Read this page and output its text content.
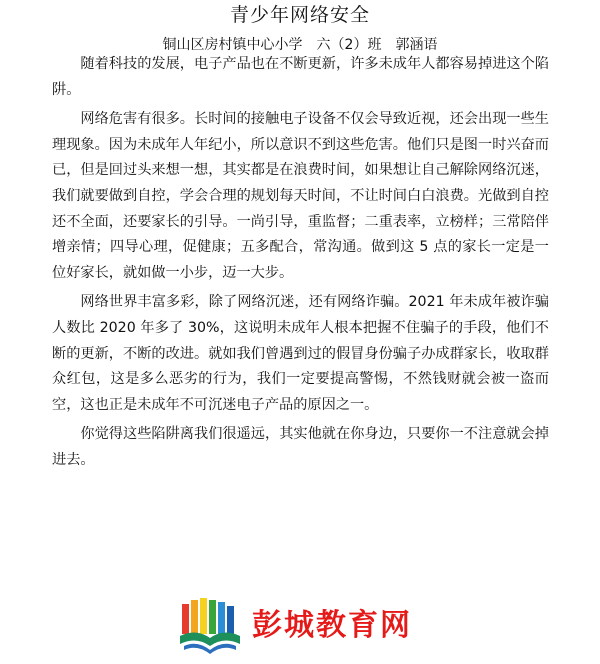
青少年网络安全
铜山区房村镇中心小学　六（2）班　郭涵语

随着科技的发展，电子产品也在不断更新，许多未成年人都容易掉进这个陷阱。

网络危害有很多。长时间的接触电子设备不仅会导致近视，还会出现一些生理现象。因为未成年人年纪小，所以意识不到这些危害。他们只是图一时兴奋而已，但是回过头来想一想，其实都是在浪费时间，如果想让自己解除网络沉迷，我们就要做到自控，学会合理的规划每天时间，不让时间白白浪费。光做到自控还不全面，还要家长的引导。一尚引导，重监督；二重表率，立榜样；三常陪伴增亲情；四导心理，促健康；五多配合，常沟通。做到这 5 点的家长一定是一位好家长，就如做一小步，迈一大步。

网络世界丰富多彩，除了网络沉迷，还有网络诈骗。2021 年未成年被诈骗人数比 2020 年多了 30%，这说明未成年人根本把握不住骗子的手段，他们不断的更新，不断的改进。就如我们曾遇到过的假冒身份骗子办成群家长，收取群众红包，这是多么恶劣的行为，我们一定要提高警惕，不然钱财就会被一盗而空，这也正是未成年不可沉迷电子产品的原因之一。

你觉得这些陷阱离我们很遥远，其实他就在你身边，只要你一不注意就会掉进去。

彭城教育网
